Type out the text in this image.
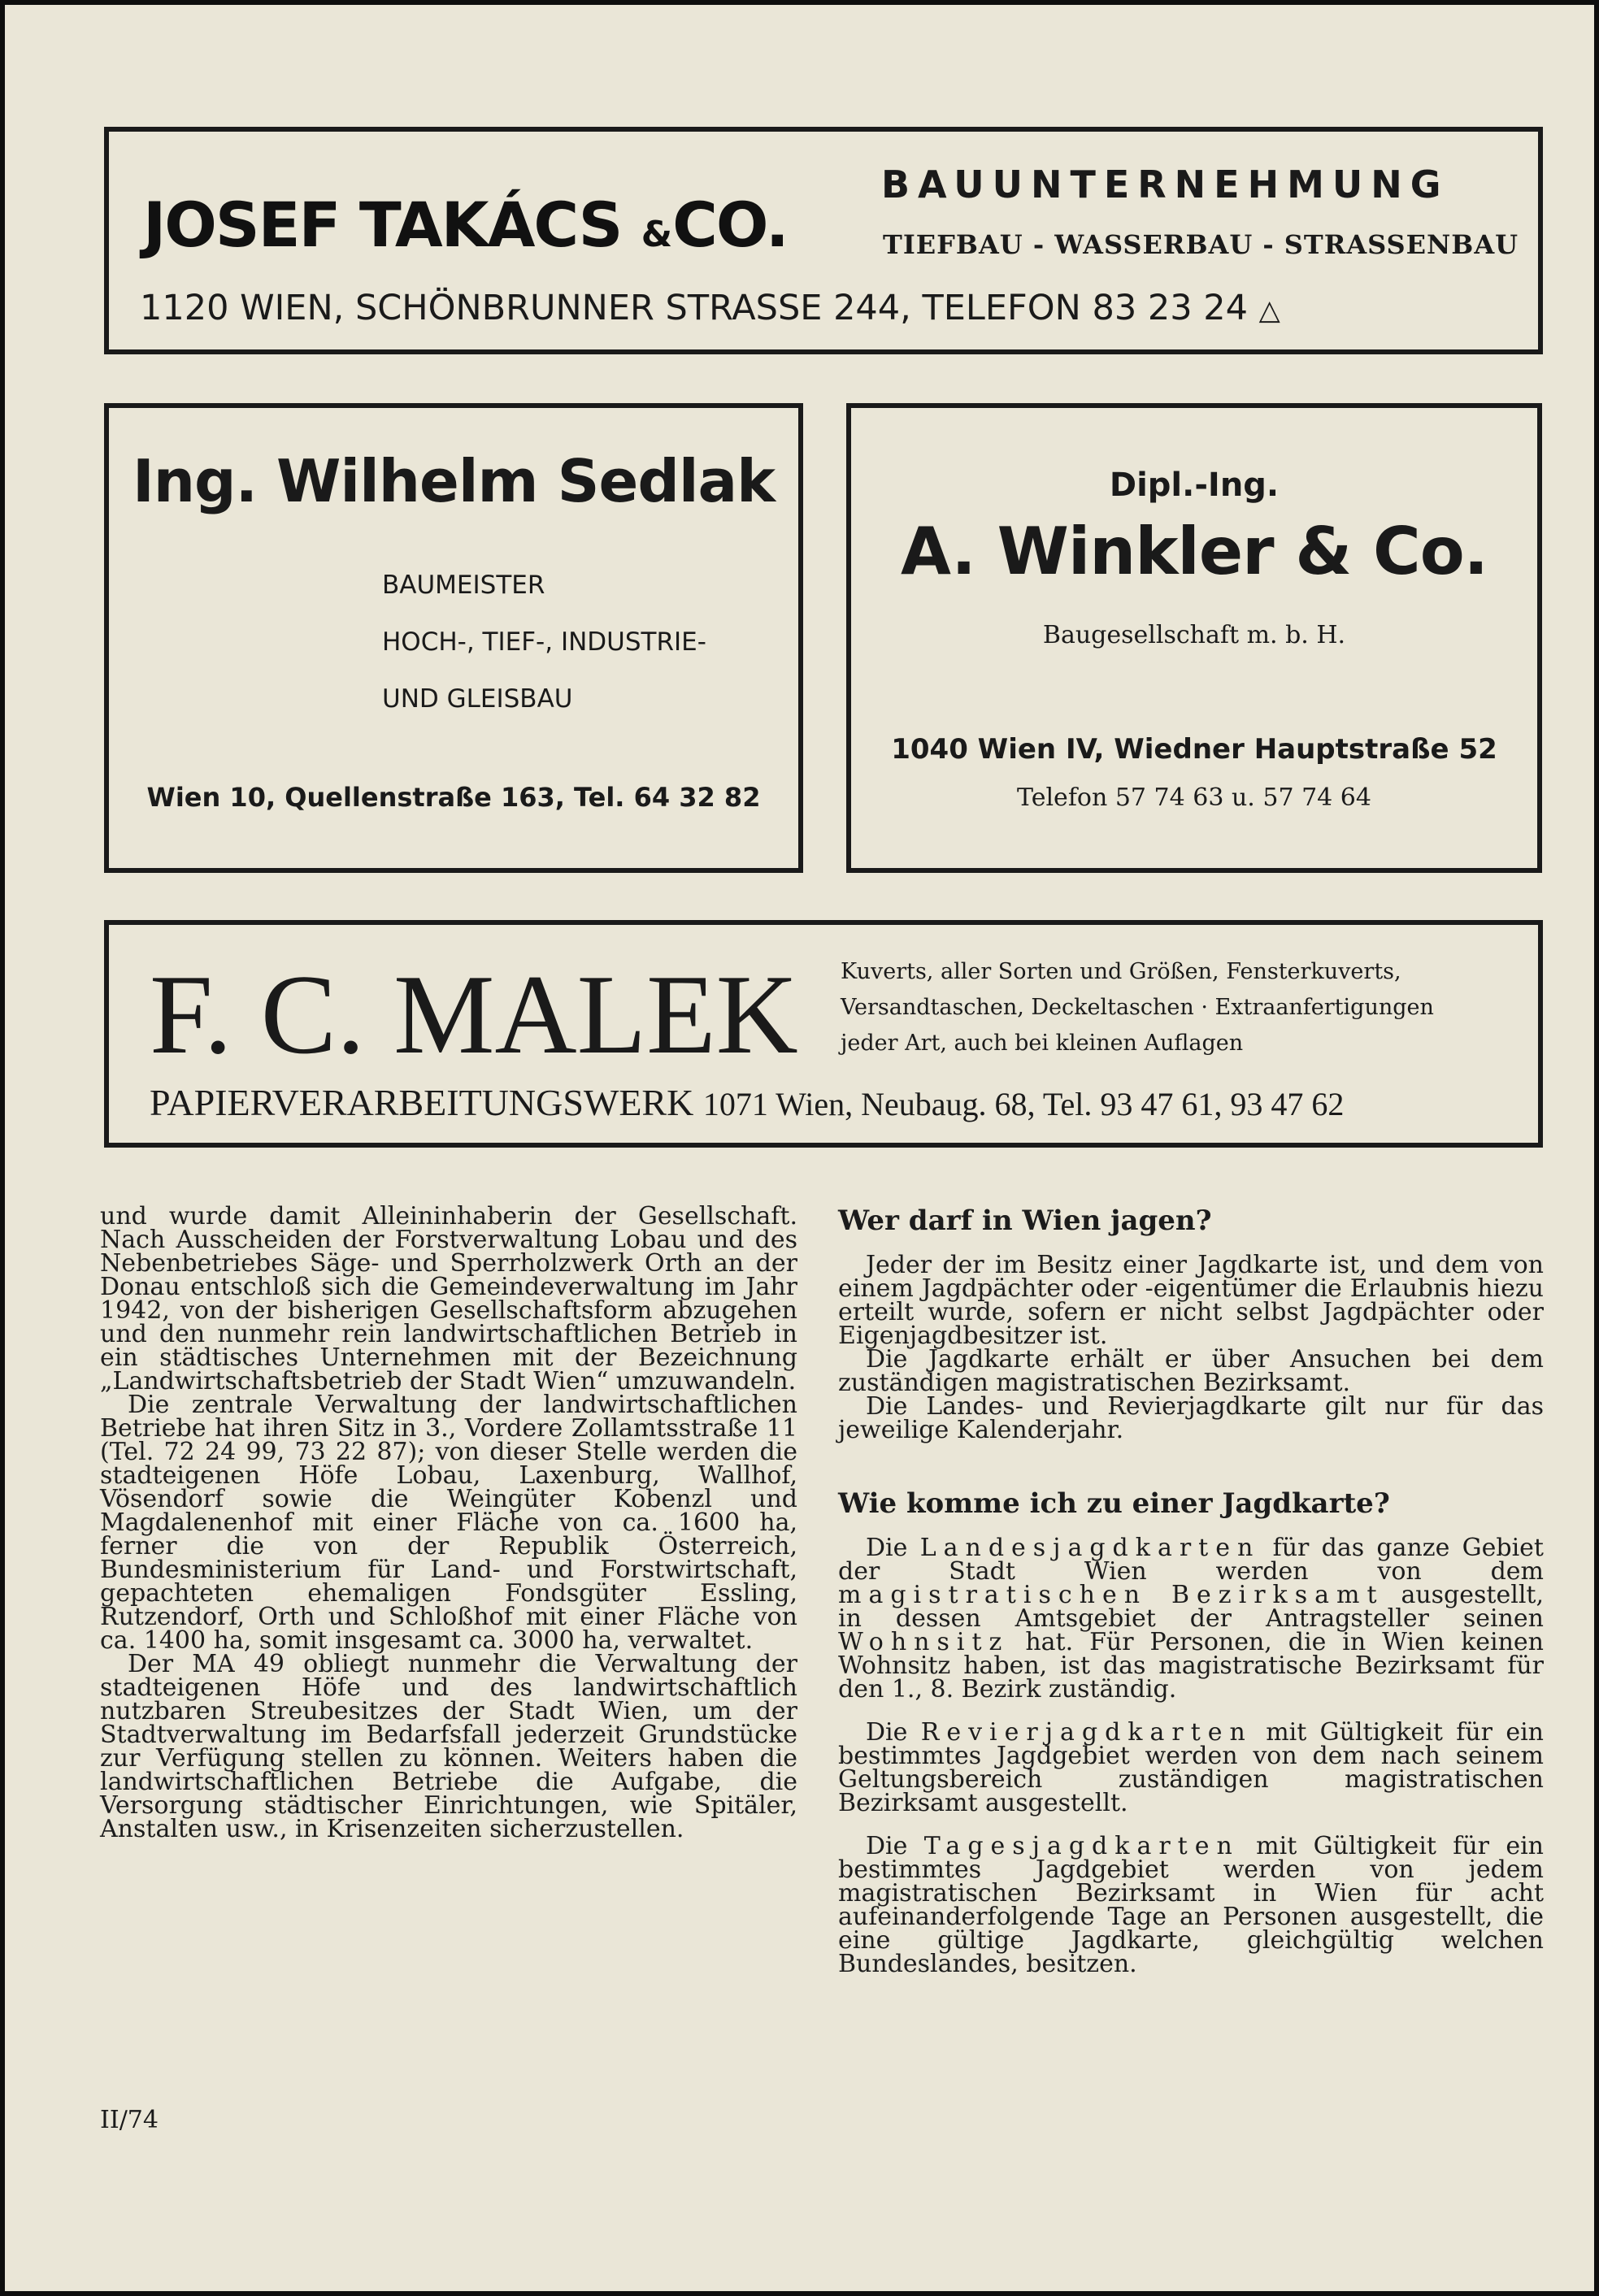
JOSEF TAKÁCS &CO.
BAUUNTERNEHMUNG
TIEFBAU - WASSERBAU - STRASSENBAU
1120 WIEN, SCHÖNBRUNNER STRASSE 244, TELEFON 83 23 24 △
Ing. Wilhelm Sedlak
BAUMEISTER
HOCH-, TIEF-, INDUSTRIE-
UND GLEISBAU
Wien 10, Quellenstraße 163, Tel. 64 32 82
Dipl.-Ing.
A. Winkler & Co.
Baugesellschaft m. b. H.
1040 Wien IV, Wiedner Hauptstraße 52
Telefon 57 74 63 u. 57 74 64
F. C. MALEK Kuverts, aller Sorten und Größen, Fensterkuverts,
Versandtaschen, Deckeltaschen · Extraanfertigungen
jeder Art, auch bei kleinen Auflagen
PAPIERVERARBEITUNGSWERK 1071 Wien, Neubaug. 68, Tel. 93 47 61, 93 47 62

und wurde damit Alleininhaberin der Gesellschaft. Nach Ausscheiden der Forstverwaltung Lobau und des Nebenbetriebes Säge- und Sperrholzwerk Orth an der Donau entschloß sich die Gemeindeverwaltung im Jahr 1942, von der bisherigen Gesellschaftsform abzugehen und den nunmehr rein landwirtschaftlichen Betrieb in ein städtisches Unternehmen mit der Bezeichnung „Landwirtschaftsbetrieb der Stadt Wien“ umzuwandeln.

Die zentrale Verwaltung der landwirtschaftlichen Betriebe hat ihren Sitz in 3., Vordere Zollamtsstraße 11 (Tel. 72 24 99, 73 22 87); von dieser Stelle werden die stadteigenen Höfe Lobau, Laxenburg, Wallhof, Vösendorf sowie die Weingüter Kobenzl und Magdalenenhof mit einer Fläche von ca. 1600 ha, ferner die von der Republik Österreich, Bundesministerium für Land- und Forstwirtschaft, gepachteten ehemaligen Fondsgüter Essling, Rutzendorf, Orth und Schloßhof mit einer Fläche von ca. 1400 ha, somit insgesamt ca. 3000 ha, verwaltet.

Der MA 49 obliegt nunmehr die Verwaltung der stadteigenen Höfe und des landwirtschaftlich nutzbaren Streubesitzes der Stadt Wien, um der Stadtverwaltung im Bedarfsfall jederzeit Grundstücke zur Verfügung stellen zu können. Weiters haben die landwirtschaftlichen Betriebe die Aufgabe, die Versorgung städtischer Einrichtungen, wie Spitäler, Anstalten usw., in Krisenzeiten sicherzustellen.

Wer darf in Wien jagen?

Jeder der im Besitz einer Jagdkarte ist, und dem von einem Jagdpächter oder -eigentümer die Erlaubnis hiezu erteilt wurde, sofern er nicht selbst Jagdpächter oder Eigenjagdbesitzer ist.

Die Jagdkarte erhält er über Ansuchen bei dem zuständigen magistratischen Bezirksamt.

Die Landes- und Revierjagdkarte gilt nur für das jeweilige Kalenderjahr.

Wie komme ich zu einer Jagdkarte?

Die Landesjagdkarten für das ganze Gebiet der Stadt Wien werden von dem magistratischen Bezirksamt ausgestellt, in dessen Amtsgebiet der Antragsteller seinen Wohnsitz hat. Für Personen, die in Wien keinen Wohnsitz haben, ist das magistratische Bezirksamt für den 1., 8. Bezirk zuständig.

Die Revierjagdkarten mit Gültigkeit für ein bestimmtes Jagdgebiet werden von dem nach seinem Geltungsbereich zuständigen magistratischen Bezirksamt ausgestellt.

Die Tagesjagdkarten mit Gültigkeit für ein bestimmtes Jagdgebiet werden von jedem magistratischen Bezirksamt in Wien für acht aufeinanderfolgende Tage an Personen ausgestellt, die eine gültige Jagdkarte, gleichgültig welchen Bundeslandes, besitzen.

II/74
